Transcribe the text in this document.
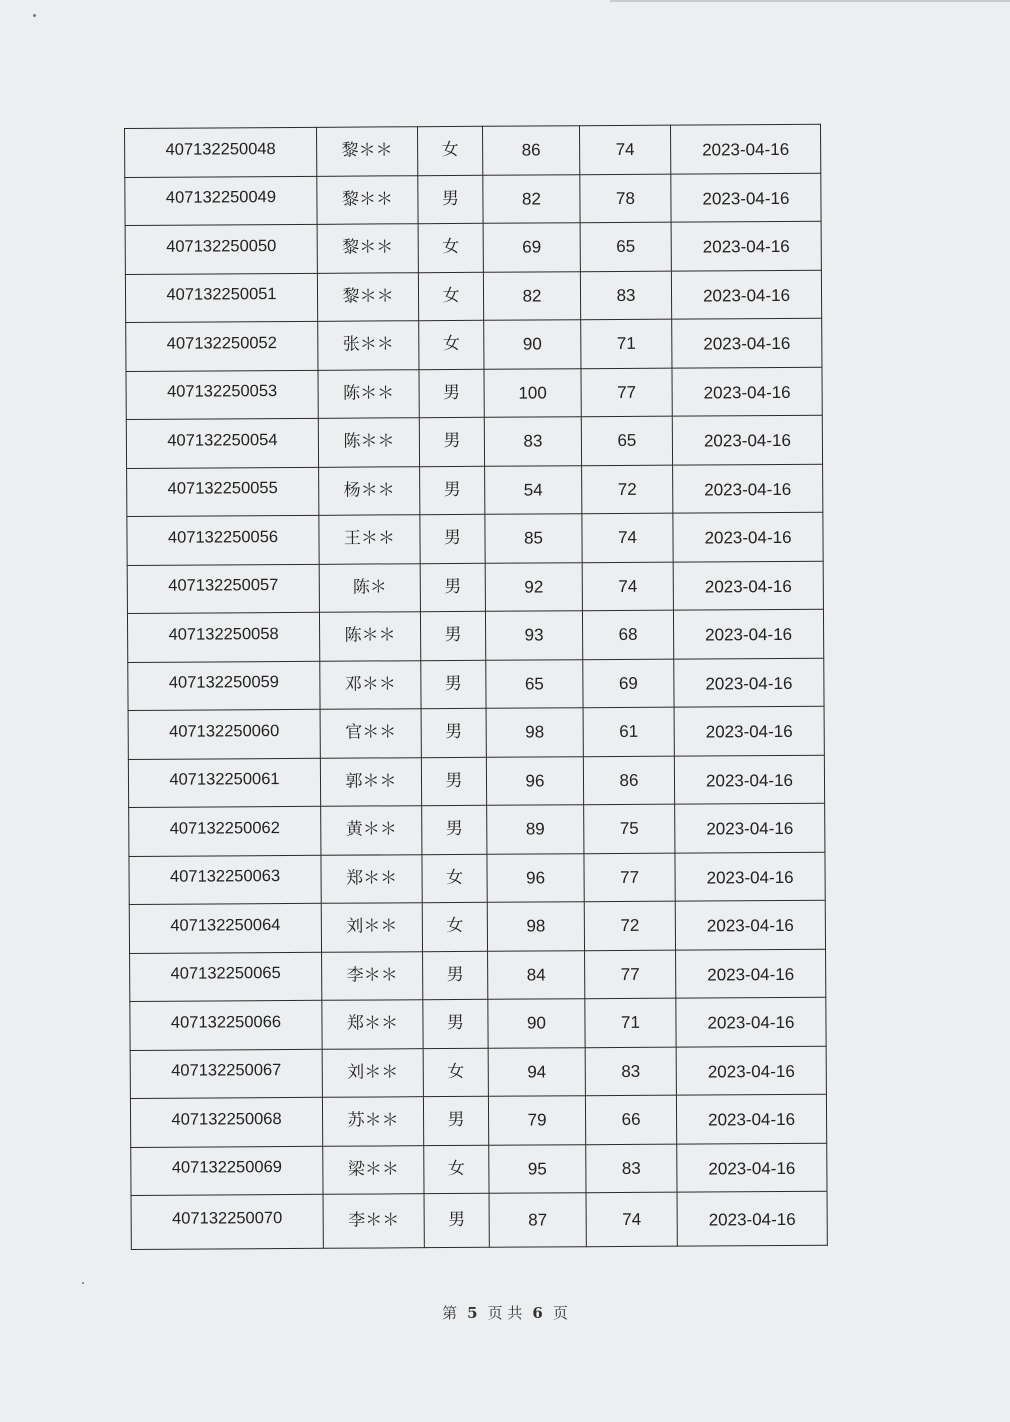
407132250048	黎＊＊	女	86	74	2023-04-16
407132250049	黎＊＊	男	82	78	2023-04-16
407132250050	黎＊＊	女	69	65	2023-04-16
407132250051	黎＊＊	女	82	83	2023-04-16
407132250052	张＊＊	女	90	71	2023-04-16
407132250053	陈＊＊	男	100	77	2023-04-16
407132250054	陈＊＊	男	83	65	2023-04-16
407132250055	杨＊＊	男	54	72	2023-04-16
407132250056	王＊＊	男	85	74	2023-04-16
407132250057	陈＊	男	92	74	2023-04-16
407132250058	陈＊＊	男	93	68	2023-04-16
407132250059	邓＊＊	男	65	69	2023-04-16
407132250060	官＊＊	男	98	61	2023-04-16
407132250061	郭＊＊	男	96	86	2023-04-16
407132250062	黄＊＊	男	89	75	2023-04-16
407132250063	郑＊＊	女	96	77	2023-04-16
407132250064	刘＊＊	女	98	72	2023-04-16
407132250065	李＊＊	男	84	77	2023-04-16
407132250066	郑＊＊	男	90	71	2023-04-16
407132250067	刘＊＊	女	94	83	2023-04-16
407132250068	苏＊＊	男	79	66	2023-04-16
407132250069	梁＊＊	女	95	83	2023-04-16
407132250070	李＊＊	男	87	74	2023-04-16
第 5 页 共 6 页
